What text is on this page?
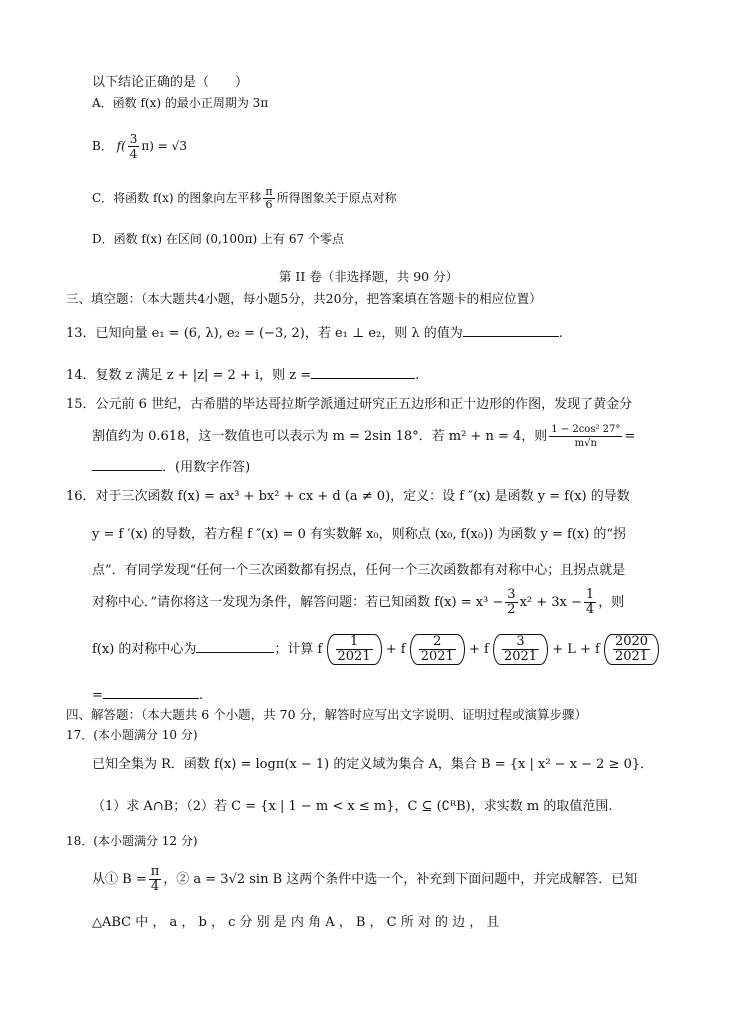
以下结论正确的是（　　）
A．函数 f(x) 的最小正周期为 3π
B． $f( \frac{3}{4} \pi) = √3$
C．将函数 f(x) 的图象向左平移 $\frac{\pi}{6}$ 所得图象关于原点对称
D．函数 f(x) 在区间 (0,100π) 上有 67 个零点
第 II 卷（非选择题，共 90 分）
三、填空题：（本大题共4小题，每小题5分，共20分，把答案填在答题卡的相应位置）
13．已知向量 e₁ = (6, λ), e₂ = (−3, 2)，若 e₁ ⊥ e₂，则 λ 的值为	.
14．复数 z 满足 z + |z| = 2 + i，则 z =	.
15．公元前 6 世纪，古希腊的毕达哥拉斯学派通过研究正五边形和正十边形的作图，发现了黄金分
割值约为 0.618，这一数值也可以表示为 m = 2sin 18°．若 m² + n = 4，则 $\frac{\text{1 − 2cos² 27°}}{m√n}$ =
．(用数字作答)
16．对于三次函数 f(x) = ax³ + bx² + cx + d (a ≠ 0)，定义：设 f ″(x) 是函数 y = f(x) 的导数
y = f ′(x) 的导数，若方程 f ″(x) = 0 有实数解 x₀，则称点 (x₀, f(x₀)) 为函数 y = f(x) 的“拐
点”．有同学发现“任何一个三次函数都有拐点，任何一个三次函数都有对称中心；且拐点就是
对称中心．”请你将这一发现为条件，解答问题：若已知函数 $f(x) = x^3 - \frac{3}{2} x^2 + 3x - \frac{1}{4}$ ，则
f(x) 的对称中心为	；计算 f $\frac{1}{2021} + f \frac{2}{2021} + f \frac{3}{2021} + L + f \frac{2020}{2021}$
=	.
四、解答题：（本大题共 6 个小题，共 70 分，解答时应写出文字说明、证明过程或演算步骤）
17．(本小题满分 10 分)
已知全集为 R．函数 f(x) = logπ(x − 1) 的定义域为集合 A，集合 B = {x | x² − x − 2 ≥ 0}．
（1）求 A∩B；（2）若 C = {x | 1 − m < x ≤ m}，C ⊆ (∁ᴿB)，求实数 m 的取值范围.
18．(本小题满分 12 分)
从① $B = \frac{\pi}{4}$ ，② a = 3√2 sin B 这两个条件中选一个，补充到下面问题中，并完成解答．已知
△ABC 中 ， a ， b ， c 分 别 是 内 角 A ， B ， C 所 对 的 边 ， 且
